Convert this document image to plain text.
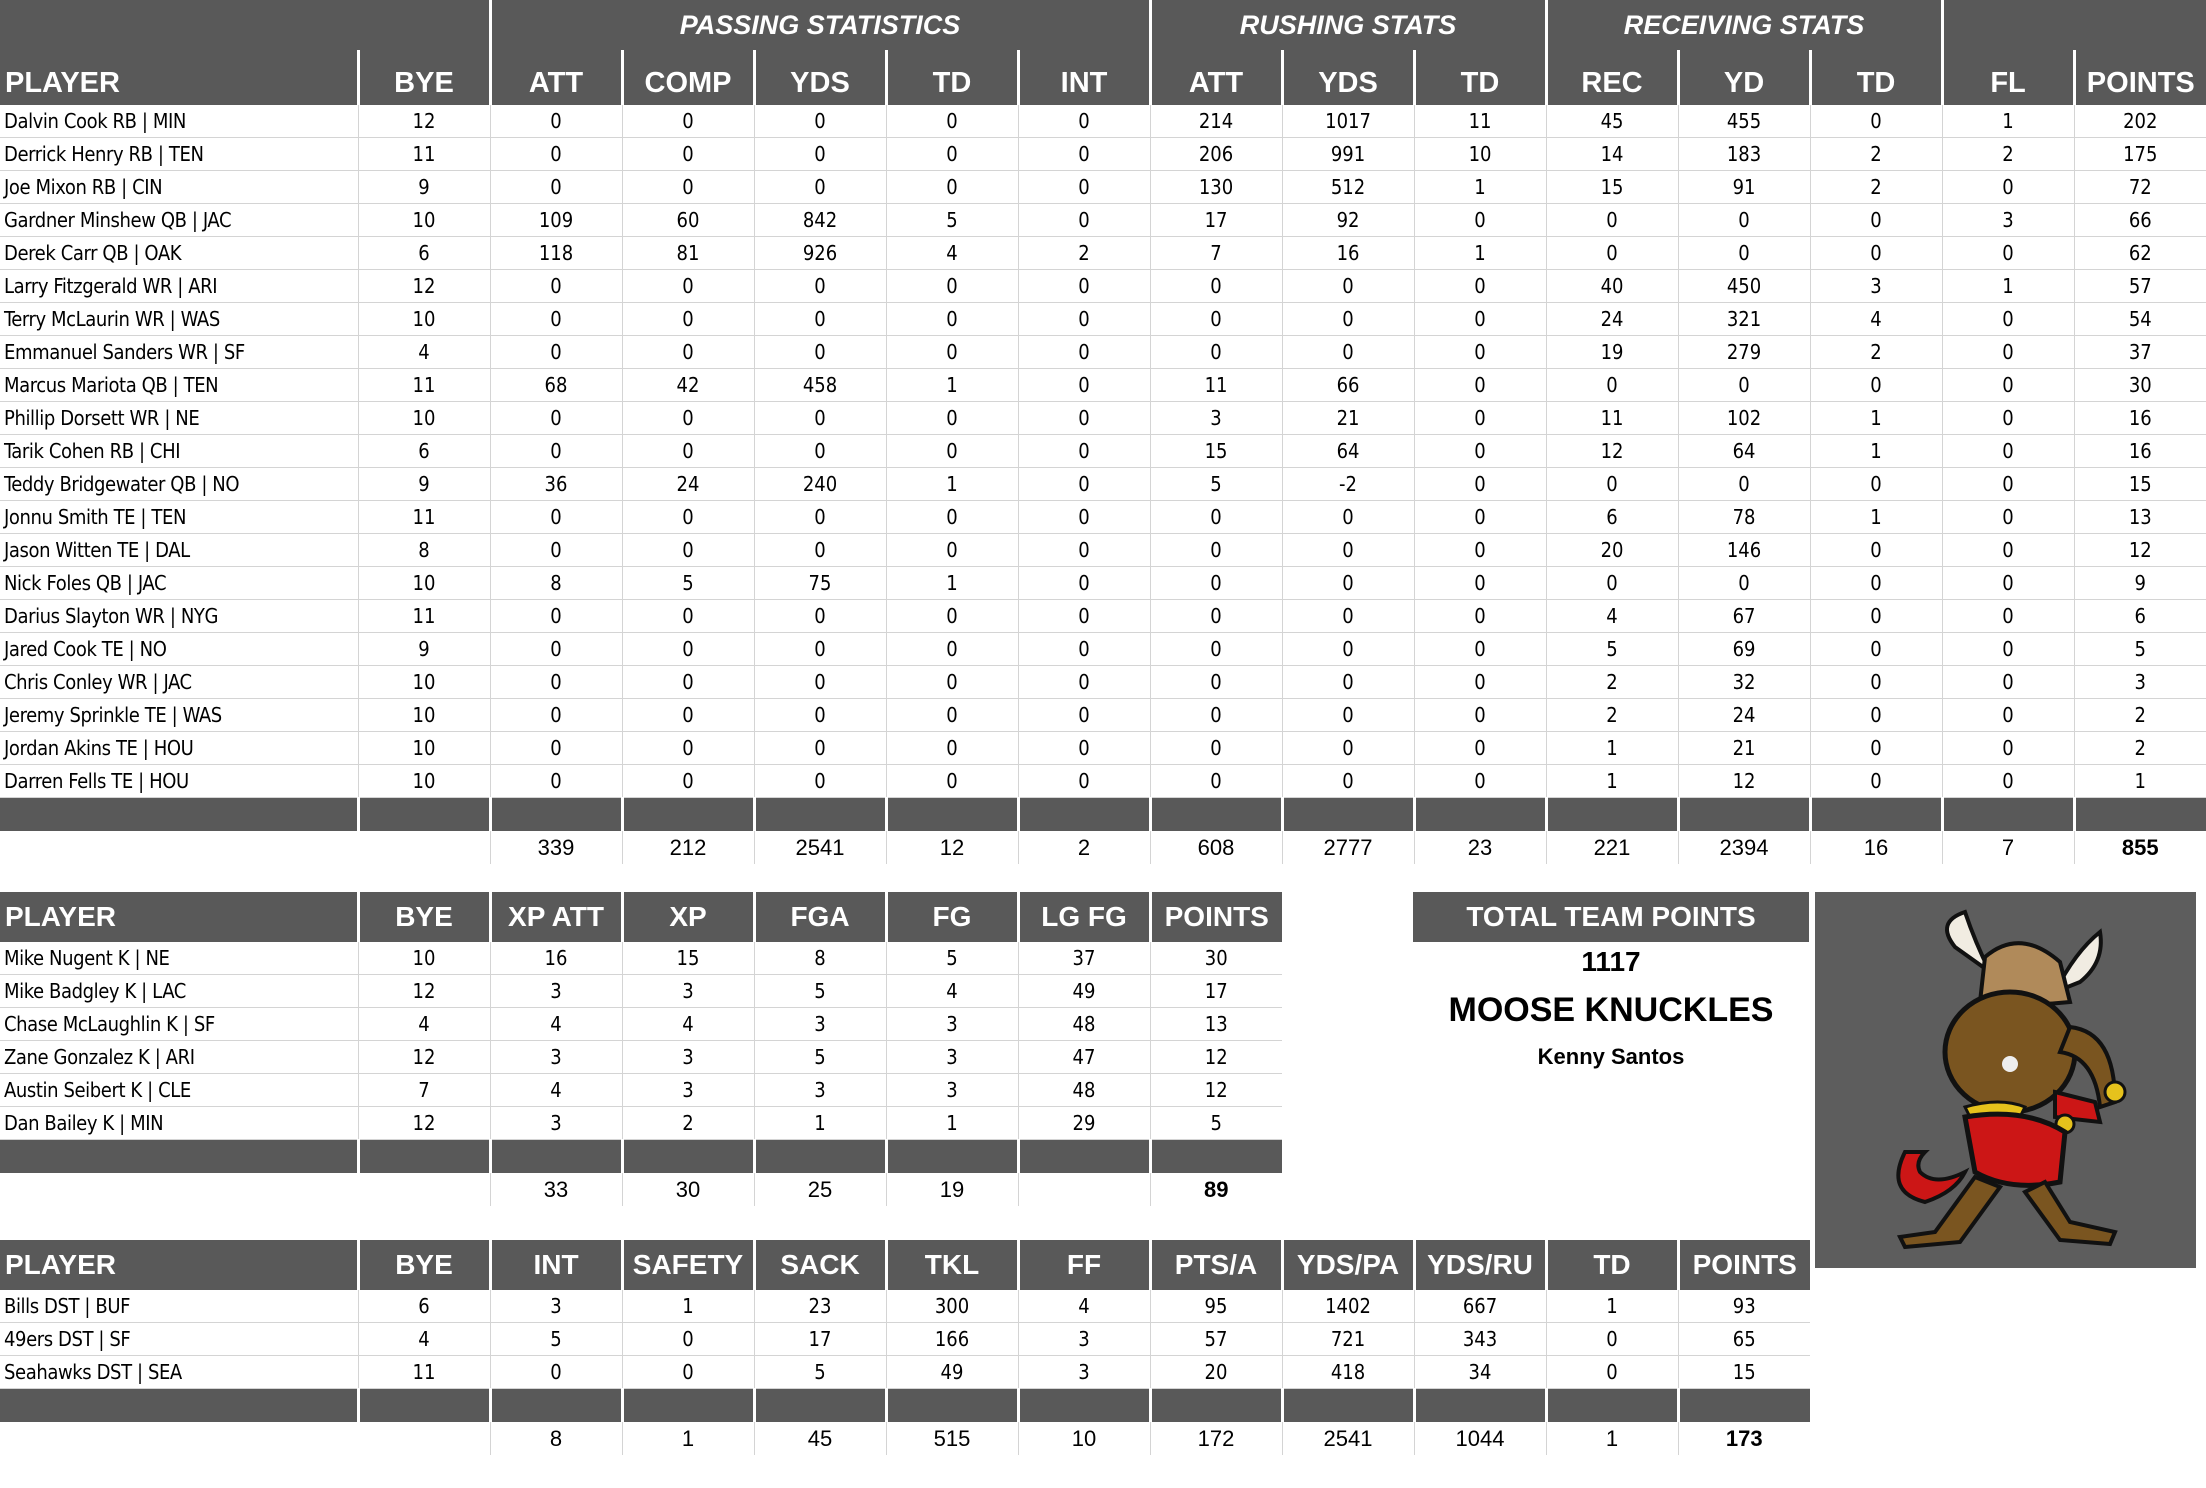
		PASSING STATISTICS					RUSHING STATS			RECEIVING STATS				
PLAYER	BYE	ATT	COMP	YDS	TD	INT	ATT	YDS	TD	REC	YD	TD	FL	POINTS
Dalvin Cook RB | MIN	12	0	0	0	0	0	214	1017	11	45	455	0	1	202
Derrick Henry RB | TEN	11	0	0	0	0	0	206	991	10	14	183	2	2	175
Joe Mixon RB | CIN	9	0	0	0	0	0	130	512	1	15	91	2	0	72
Gardner Minshew QB | JAC	10	109	60	842	5	0	17	92	0	0	0	0	3	66
Derek Carr QB | OAK	6	118	81	926	4	2	7	16	1	0	0	0	0	62
Larry Fitzgerald WR | ARI	12	0	0	0	0	0	0	0	0	40	450	3	1	57
Terry McLaurin WR | WAS	10	0	0	0	0	0	0	0	0	24	321	4	0	54
Emmanuel Sanders WR | SF	4	0	0	0	0	0	0	0	0	19	279	2	0	37
Marcus Mariota QB | TEN	11	68	42	458	1	0	11	66	0	0	0	0	0	30
Phillip Dorsett WR | NE	10	0	0	0	0	0	3	21	0	11	102	1	0	16
Tarik Cohen RB | CHI	6	0	0	0	0	0	15	64	0	12	64	1	0	16
Teddy Bridgewater QB | NO	9	36	24	240	1	0	5	-2	0	0	0	0	0	15
Jonnu Smith TE | TEN	11	0	0	0	0	0	0	0	0	6	78	1	0	13
Jason Witten TE | DAL	8	0	0	0	0	0	0	0	0	20	146	0	0	12
Nick Foles QB | JAC	10	8	5	75	1	0	0	0	0	0	0	0	0	9
Darius Slayton WR | NYG	11	0	0	0	0	0	0	0	0	4	67	0	0	6
Jared Cook TE | NO	9	0	0	0	0	0	0	0	0	5	69	0	0	5
Chris Conley WR | JAC	10	0	0	0	0	0	0	0	0	2	32	0	0	3
Jeremy Sprinkle TE | WAS	10	0	0	0	0	0	0	0	0	2	24	0	0	2
Jordan Akins TE | HOU	10	0	0	0	0	0	0	0	0	1	21	0	0	2
Darren Fells TE | HOU	10	0	0	0	0	0	0	0	0	1	12	0	0	1

		339	212	2541	12	2	608	2777	23	221	2394	16	7	855
PLAYER	BYE	XP ATT	XP	FGA	FG	LG FG	POINTS
Mike Nugent K | NE	10	16	15	8	5	37	30
Mike Badgley K | LAC	12	3	3	5	4	49	17
Chase McLaughlin K | SF	4	4	4	3	3	48	13
Zane Gonzalez K | ARI	12	3	3	5	3	47	12
Austin Seibert K | CLE	7	4	3	3	3	48	12
Dan Bailey K | MIN	12	3	2	1	1	29	5

		33	30	25	19		89
PLAYER	BYE	INT	SAFETY	SACK	TKL	FF	PTS/A	YDS/PA	YDS/RU	TD	POINTS
Bills DST | BUF	6	3	1	23	300	4	95	1402	667	1	93
49ers DST | SF	4	5	0	17	166	3	57	721	343	0	65
Seahawks DST | SEA	11	0	0	5	49	3	20	418	34	0	15

		8	1	45	515	10	172	2541	1044	1	173
TOTAL TEAM POINTS
1117
MOOSE KNUCKLES
Kenny Santos
